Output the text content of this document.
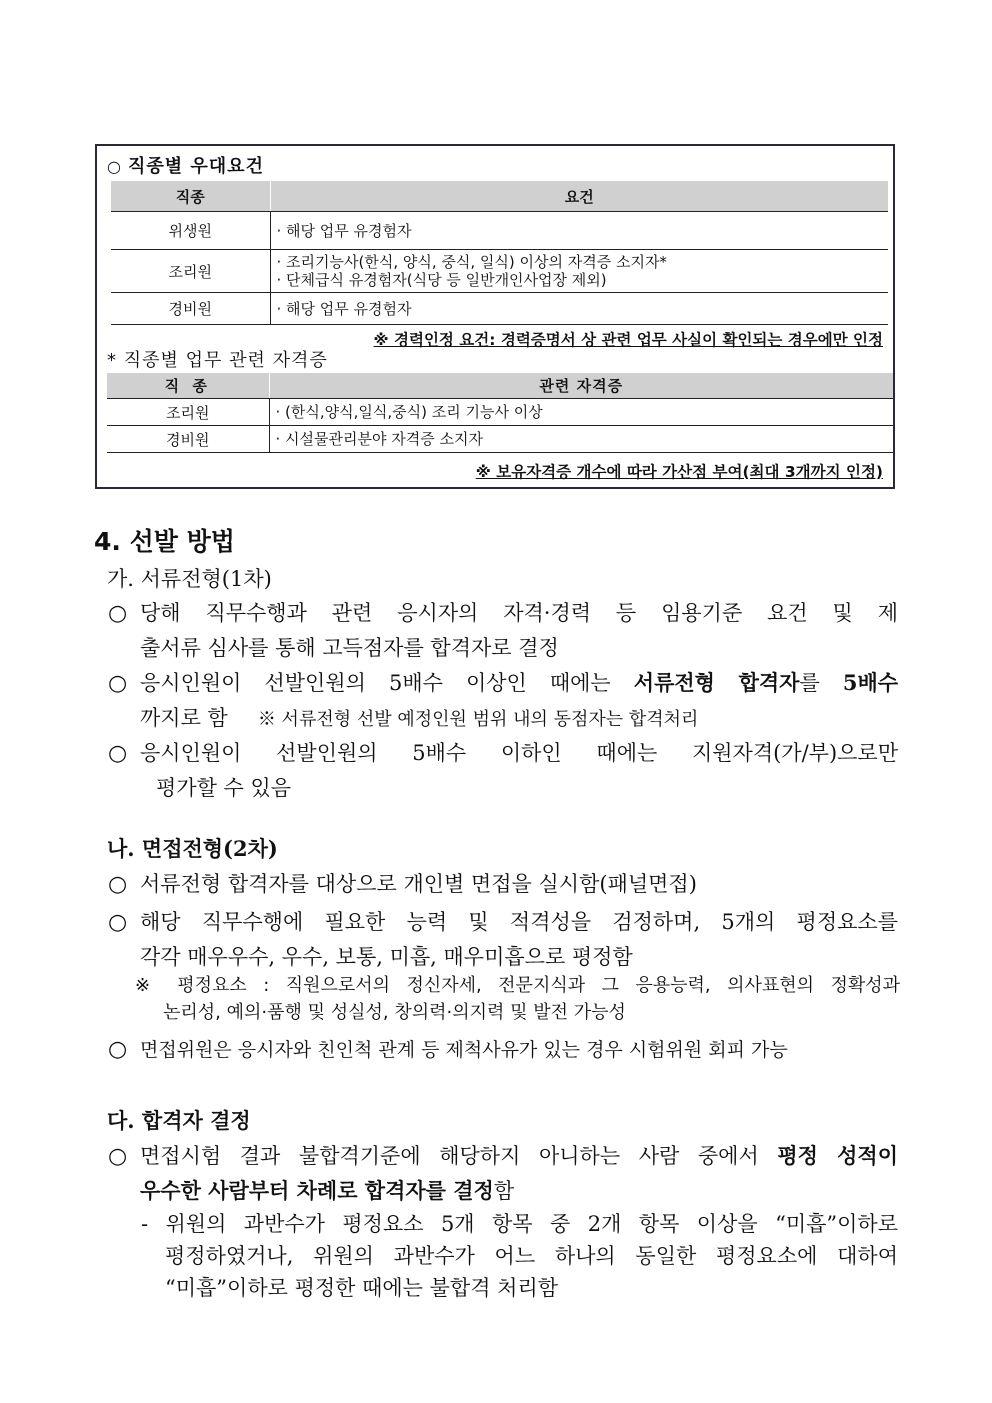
○ 직종별 우대요건
직종	요건
위생원	· 해당 업무 유경험자
조리원	· 조리기능사(한식, 양식, 중식, 일식) 이상의 자격증 소지자*
· 단체급식 유경험자(식당 등 일반개인사업장 제외)

경비원	· 해당 업무 유경험자
※ 경력인정 요건: 경력증명서 상 관련 업무 사실이 확인되는 경우에만 인정
* 직종별 업무 관련 자격증
직 종	관련 자격증
조리원	· (한식,양식,일식,중식) 조리 기능사 이상
경비원	· 시설물관리분야 자격증 소지자
※ 보유자격증 개수에 따라 가산점 부여(최대 3개까지 인정)
4. 선발 방법
가. 서류전형(1차)
○ 당해 직무수행과 관련 응시자의 자격·경력 등 임용기준 요건 및 제
출서류 심사를 통해 고득점자를 합격자로 결정
○ 응시인원이 선발인원의 5배수 이상인 때에는 서류전형 합격자를 5배수
까지로 함 ※ 서류전형 선발 예정인원 범위 내의 동점자는 합격처리
○ 응시인원이 선발인원의 5배수 이하인 때에는 지원자격(가/부)으로만
평가할 수 있음
나. 면접전형(2차)
○ 서류전형 합격자를 대상으로 개인별 면접을 실시함(패널면접)
○ 해당 직무수행에 필요한 능력 및 적격성을 검정하며, 5개의 평정요소를
각각 매우우수, 우수, 보통, 미흡, 매우미흡으로 평정함
※ 평정요소 : 직원으로서의 정신자세, 전문지식과 그 응용능력, 의사표현의 정확성과
논리성, 예의·품행 및 성실성, 창의력·의지력 및 발전 가능성
○ 면접위원은 응시자와 친인척 관계 등 제척사유가 있는 경우 시험위원 회피 가능
다. 합격자 결정
○ 면접시험 결과 불합격기준에 해당하지 아니하는 사람 중에서 평정 성적이
우수한 사람부터 차례로 합격자를 결정함
- 위원의 과반수가 평정요소 5개 항목 중 2개 항목 이상을 “미흡”이하로
평정하였거나, 위원의 과반수가 어느 하나의 동일한 평정요소에 대하여
“미흡”이하로 평정한 때에는 불합격 처리함
